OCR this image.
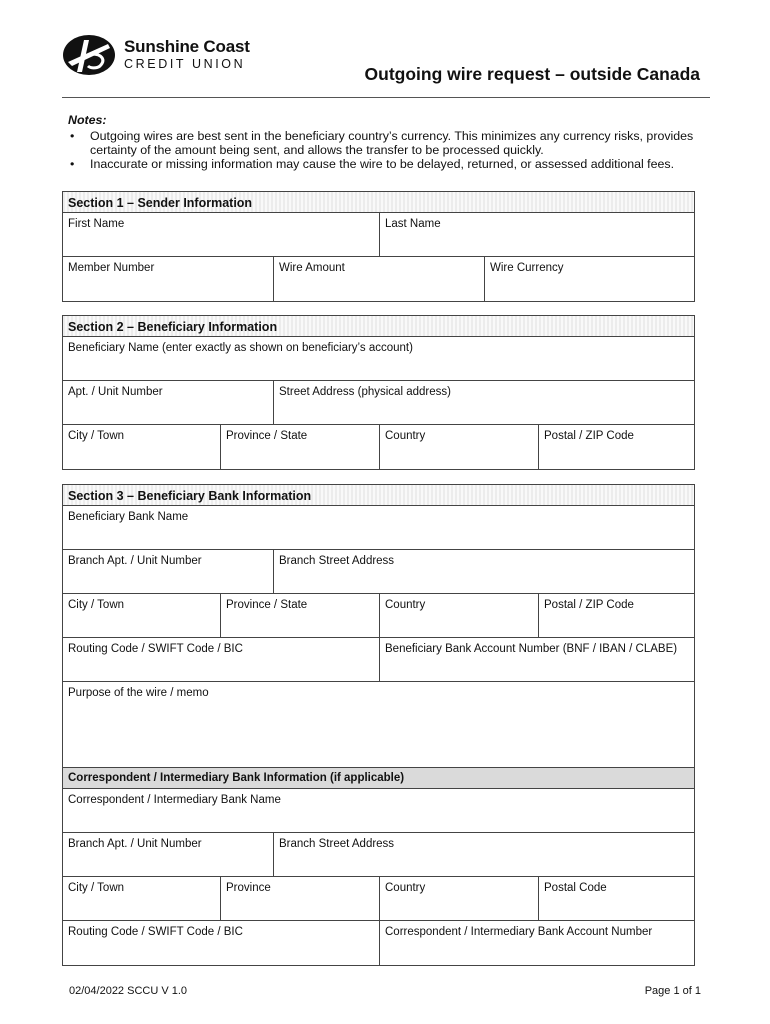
Sunshine Coast
CREDIT UNION	Outgoing wire request – outside Canada
Notes:
• Outgoing wires are best sent in the beneficiary country’s currency. This minimizes any currency risks, provides certainty of the amount being sent, and allows the transfer to be processed quickly.
• Inaccurate or missing information may cause the wire to be delayed, returned, or assessed additional fees.
Section 1 – Sender Information
First Name	Last Name
Member Number	Wire Amount	Wire Currency
Section 2 – Beneficiary Information
Beneficiary Name (enter exactly as shown on beneficiary’s account)
Apt. / Unit Number	Street Address (physical address)
City / Town	Province / State	Country	Postal / ZIP Code
Section 3 – Beneficiary Bank Information
Beneficiary Bank Name
Branch Apt. / Unit Number	Branch Street Address
City / Town	Province / State	Country	Postal / ZIP Code
Routing Code / SWIFT Code / BIC	Beneficiary Bank Account Number (BNF / IBAN / CLABE)
Purpose of the wire / memo
Correspondent / Intermediary Bank Information (if applicable)
Correspondent / Intermediary Bank Name
Branch Apt. / Unit Number	Branch Street Address
City / Town	Province	Country	Postal Code
Routing Code / SWIFT Code / BIC	Correspondent / Intermediary Bank Account Number
02/04/2022 SCCU V 1.0	Page 1 of 1
